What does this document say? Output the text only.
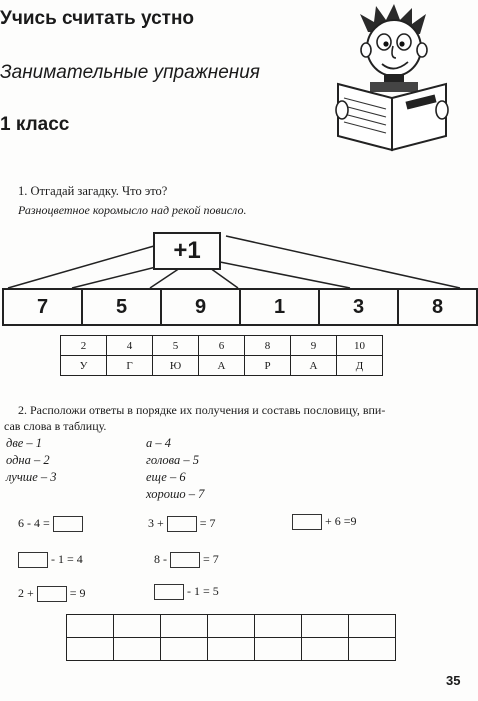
Учись считать устно
Занимательные упражнения
1 класс
1. Отгадай загадку. Что это?
Разноцветное коромысло над рекой повисло.
+1
7	5	9	1	3	8
2	4	5	6	8	9	10
У	Г	Ю	А	Р	А	Д
2. Расположи ответы в порядке их получения и составь пословицу, впи-
сав слова в таблицу.
две – 1
одна – 2
лучше – 3
а – 4
голова – 5
еще – 6
хорошо – 7
6 - 4 =	3 +	= 7	+ 6 =9
- 1 = 4	8 -	= 7
2 +	= 9	- 1 = 5

35
